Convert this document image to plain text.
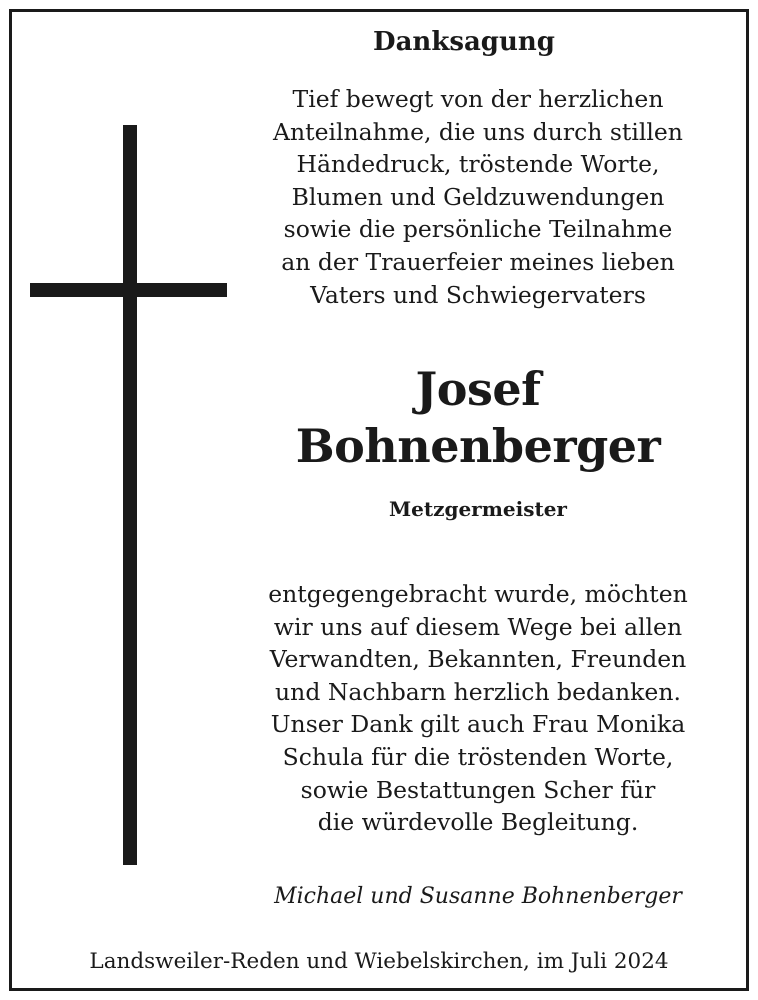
Danksagung

Tief bewegt von der herzlichen
Anteilnahme, die uns durch stillen
Händedruck, tröstende Worte,
Blumen und Geldzuwendungen
sowie die persönliche Teilnahme
an der Trauerfeier meines lieben
Vaters und Schwiegervaters

Josef
Bohnenberger

Metzgermeister

entgegengebracht wurde, möchten
wir uns auf diesem Wege bei allen
Verwandten, Bekannten, Freunden
und Nachbarn herzlich bedanken.
Unser Dank gilt auch Frau Monika
Schula für die tröstenden Worte,
sowie Bestattungen Scher für
die würdevolle Begleitung.

Michael und Susanne Bohnenberger

Landsweiler-Reden und Wiebelskirchen, im Juli 2024
